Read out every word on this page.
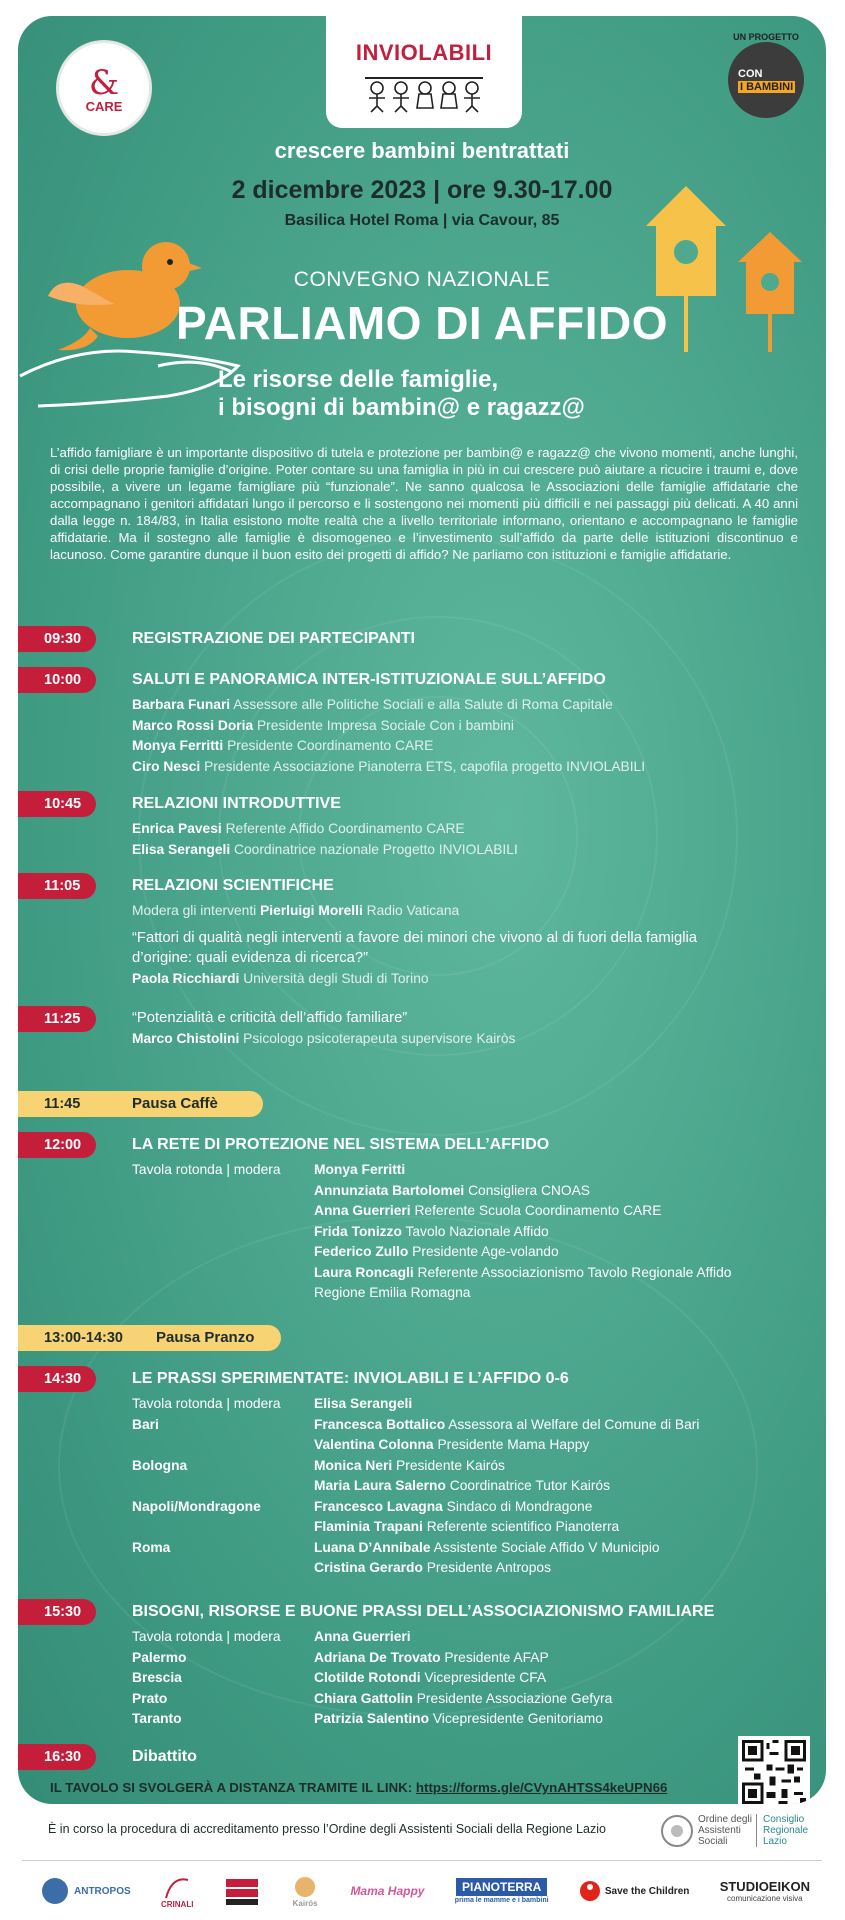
&
CARE
INVIOLABILI
UN PROGETTO
CON
I BAMBINI
crescere bambini bentrattati
2 dicembre 2023 | ore 9.30-17.00
Basilica Hotel Roma | via Cavour, 85
CONVEGNO NAZIONALE
PARLIAMO DI AFFIDO
Le risorse delle famiglie,
i bisogni di bambin@ e ragazz@
L’affido famigliare è un importante dispositivo di tutela e protezione per bambin@ e ragazz@ che vivono momenti, anche lunghi, di crisi delle proprie famiglie d’origine. Poter contare su una famiglia in più in cui crescere può aiutare a ricucire i traumi e, dove possibile, a vivere un legame famigliare più “funzionale”. Ne sanno qualcosa le Associazioni delle famiglie affidatarie che accompagnano i genitori affidatari lungo il percorso e li sostengono nei momenti più difficili e nei passaggi più delicati. A 40 anni dalla legge n. 184/83, in Italia esistono molte realtà che a livello territoriale informano, orientano e accompagnano le famiglie affidatarie. Ma il sostegno alle famiglie è disomogeneo e l’investimento sull’affido da parte delle istituzioni discontinuo e lacunoso. Come garantire dunque il buon esito dei progetti di affido? Ne parliamo con istituzioni e famiglie affidatarie.
09:30	REGISTRAZIONE DEI PARTECIPANTI
10:00	SALUTI E PANORAMICA INTER-ISTITUZIONALE SULL’AFFIDO
Barbara Funari Assessore alle Politiche Sociali e alla Salute di Roma Capitale
Marco Rossi Doria Presidente Impresa Sociale Con i bambini
Monya Ferritti Presidente Coordinamento CARE
Ciro Nesci Presidente Associazione Pianoterra ETS, capofila progetto INVIOLABILI
10:45	RELAZIONI INTRODUTTIVE
Enrica Pavesi Referente Affido Coordinamento CARE
Elisa Serangeli Coordinatrice nazionale Progetto INVIOLABILI
11:05	RELAZIONI SCIENTIFICHE
Modera gli interventi Pierluigi Morelli Radio Vaticana
“Fattori di qualità negli interventi a favore dei minori che vivono al di fuori della famiglia
d’origine: quali evidenza di ricerca?”
Paola Ricchiardi Università degli Studi di Torino
11:25	“Potenzialità e criticità dell’affido familiare”
Marco Chistolini Psicologo psicoterapeuta supervisore Kairòs
11:45	Pausa Caffè
12:00	LA RETE DI PROTEZIONE NEL SISTEMA DELL’AFFIDO
Tavola rotonda | modera	Monya Ferritti
Annunziata Bartolomei Consigliera CNOAS
Anna Guerrieri Referente Scuola Coordinamento CARE
Frida Tonizzo Tavolo Nazionale Affido
Federico Zullo Presidente Age-volando
Laura Roncagli Referente Associazionismo Tavolo Regionale Affido
Regione Emilia Romagna
13:00-14:30	Pausa Pranzo
14:30	LE PRASSI SPERIMENTATE: INVIOLABILI E L’AFFIDO 0-6
Tavola rotonda | modera	Elisa Serangeli
Bari	Francesca Bottalico Assessora al Welfare del Comune di Bari
Valentina Colonna Presidente Mama Happy
Bologna	Monica Neri Presidente Kairós
Maria Laura Salerno Coordinatrice Tutor Kairós
Napoli/Mondragone	Francesco Lavagna Sindaco di Mondragone
Flaminia Trapani Referente scientifico Pianoterra
Roma	Luana D’Annibale Assistente Sociale Affido V Municipio
Cristina Gerardo Presidente Antropos
15:30	BISOGNI, RISORSE E BUONE PRASSI DELL’ASSOCIAZIONISMO FAMILIARE
Tavola rotonda | modera	Anna Guerrieri
Palermo	Adriana De Trovato Presidente AFAP
Brescia	Clotilde Rotondi Vicepresidente CFA
Prato	Chiara Gattolin Presidente Associazione Gefyra
Taranto	Patrizia Salentino Vicepresidente Genitoriamo
16:30	Dibattito
IL TAVOLO SI SVOLGERÀ A DISTANZA TRAMITE IL LINK: https://forms.gle/CVynAHTSS4keUPN66
È in corso la procedura di accreditamento presso l’Ordine degli Assistenti Sociali della Regione Lazio
Ordine degli
Assistenti
Sociali
Consiglio
Regionale
Lazio
ANTROPOS
CRINALI	Kairós
Mama Happy	PIANOTERRA
prima le mamme e i bambini
Save the Children STUDIOEIKON
comunicazione visiva
